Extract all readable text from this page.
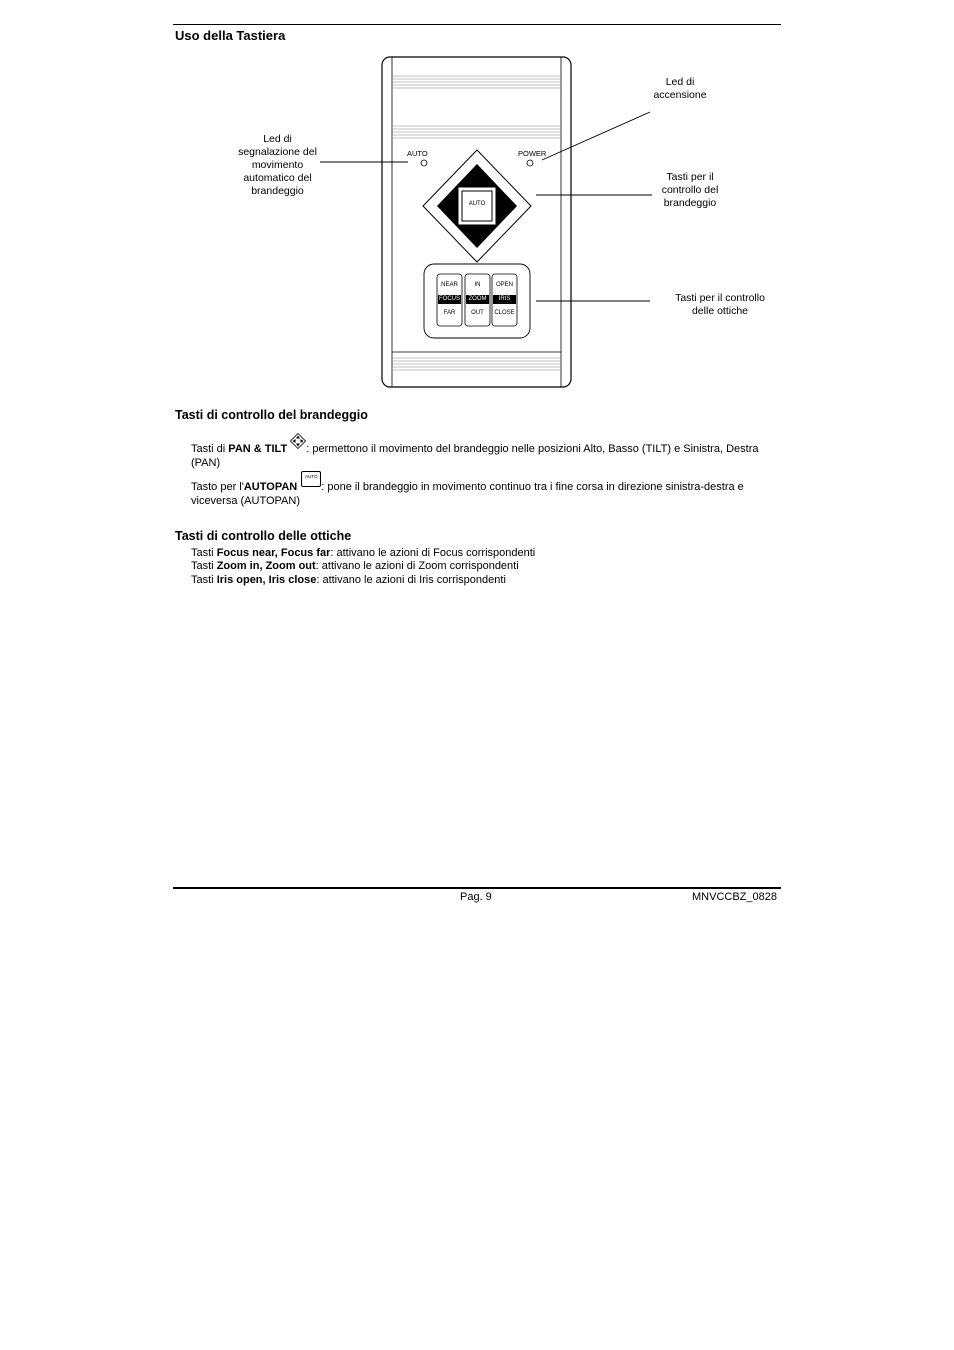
Uso della Tastiera
AUTO	POWER
AUTO
NEAR
FOCUS
FAR
IN
ZOOM
OUT
OPEN
IRIS
CLOSE
Led di
accensione
Led di
segnalazione del
movimento
automatico del
brandeggio
Tasti per il
controllo del
brandeggio
Tasti per il controllo
delle ottiche
Tasti di controllo del brandeggio
Tasti di PAN & TILT : permettono il movimento del brandeggio nelle posizioni Alto, Basso (TILT) e Sinistra, Destra
(PAN)
Tasto per l'AUTOPAN
AUTO
: pone il brandeggio in movimento continuo tra i fine corsa in direzione sinistra-destra e
viceversa (AUTOPAN)
Tasti di controllo delle ottiche
Tasti Focus near, Focus far: attivano le azioni di Focus corrispondenti
Tasti Zoom in, Zoom out: attivano le azioni di Zoom corrispondenti
Tasti Iris open, Iris close: attivano le azioni di Iris corrispondenti
Pag. 9	MNVCCBZ_0828
